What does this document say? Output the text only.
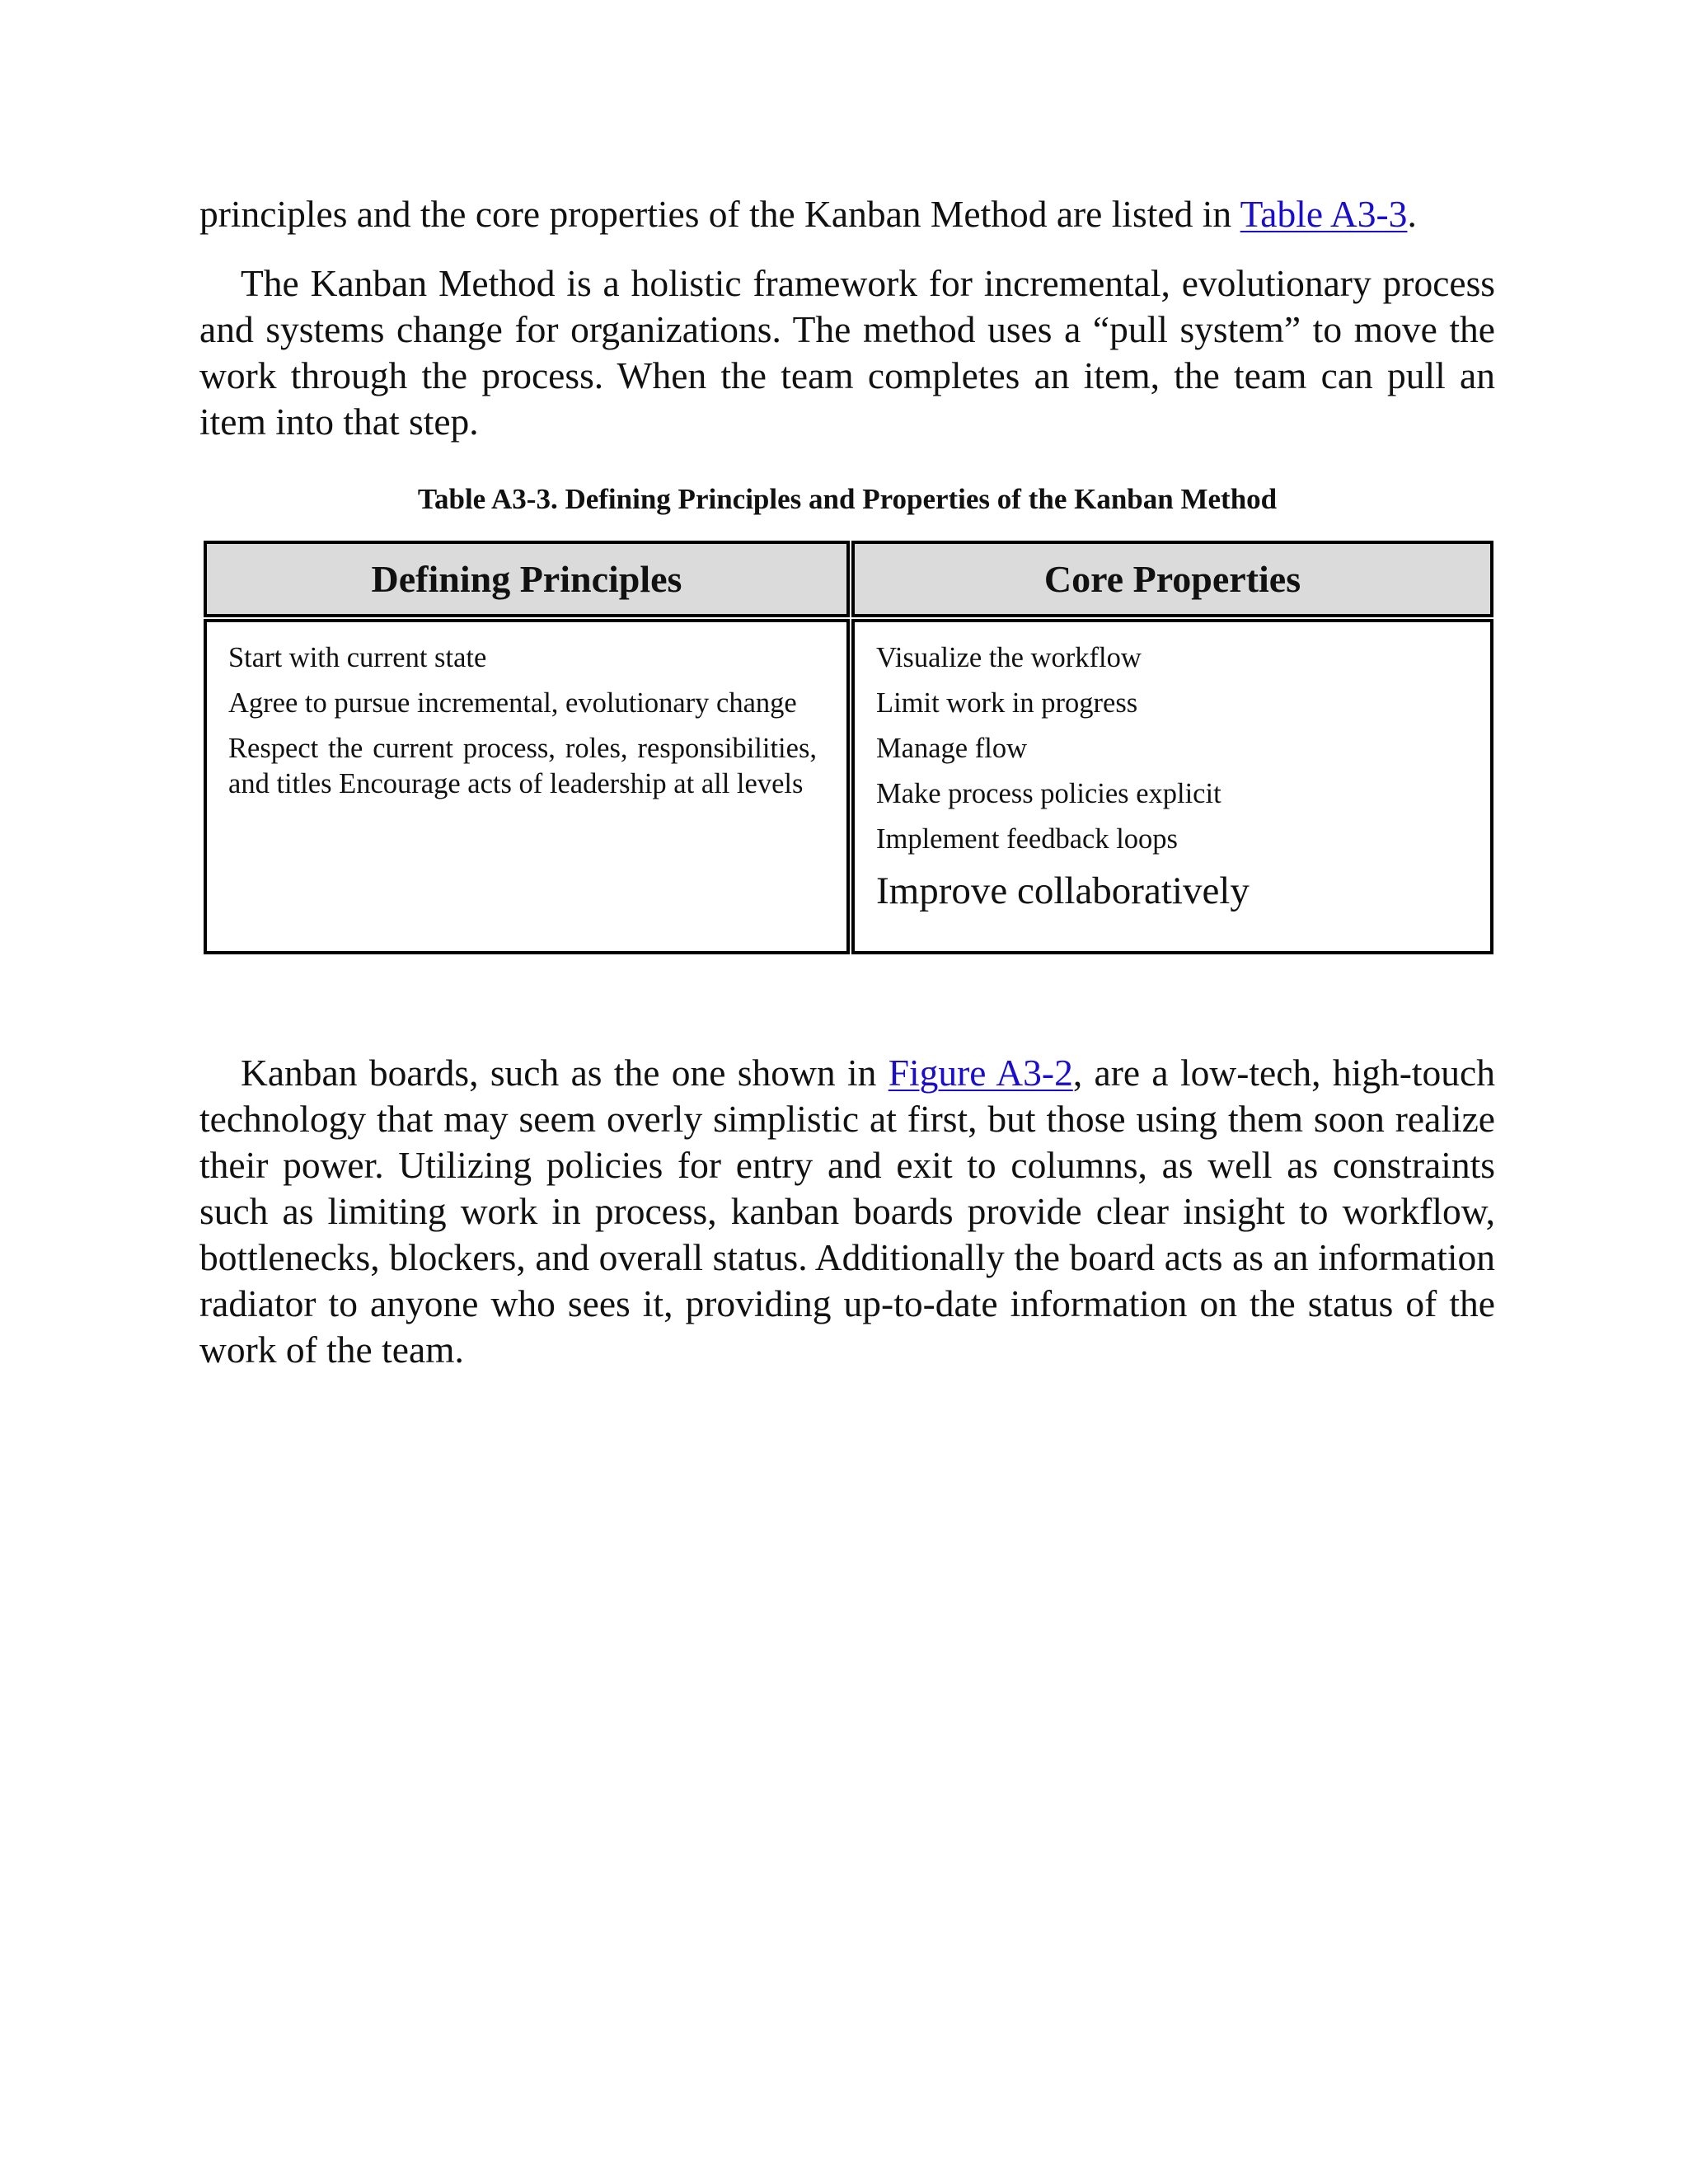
principles and the core properties of the Kanban Method are listed in Table A3-3.

The Kanban Method is a holistic framework for incremental, evolutionary process and systems change for organizations. The method uses a “pull system” to move the work through the process. When the team completes an item, the team can pull an item into that step.

Table A3-3. Defining Principles and Properties of the Kanban Method
Defining Principles	Core Properties

Start with current state

Agree to pursue incremental, evolutionary change

Respect the current process, roles, responsibilities, and titles Encourage acts of leadership at all levels

Visualize the workflow

Limit work in progress

Manage flow

Make process policies explicit

Implement feedback loops

Improve collaboratively

Kanban boards, such as the one shown in Figure A3-2, are a low-tech, high-touch technology that may seem overly simplistic at first, but those using them soon realize their power. Utilizing policies for entry and exit to columns, as well as constraints such as limiting work in process, kanban boards provide clear insight to workflow, bottlenecks, blockers, and overall status. Additionally the board acts as an information radiator to anyone who sees it, providing up-to-date information on the status of the work of the team.
